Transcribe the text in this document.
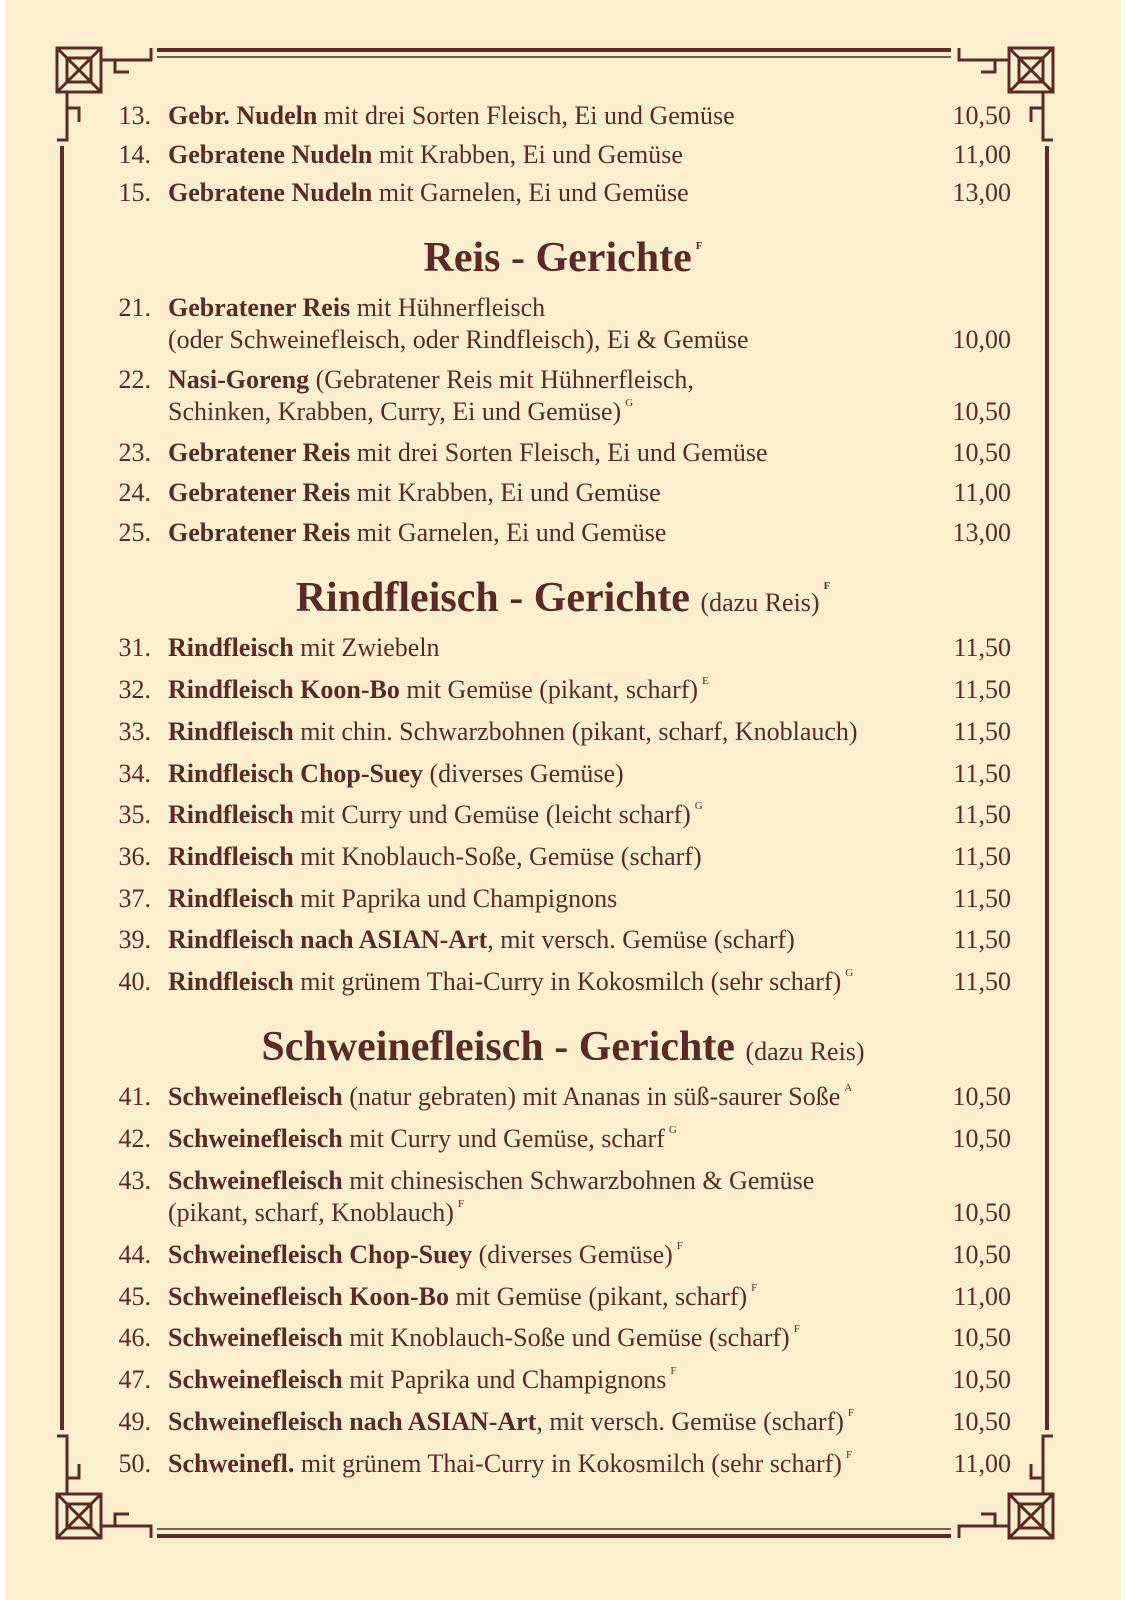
13. Gebr. Nudeln mit drei Sorten Fleisch, Ei und Gemüse	10,50
14. Gebratene Nudeln mit Krabben, Ei und Gemüse	11,00
15. Gebratene Nudeln mit Garnelen, Ei und Gemüse	13,00
Reis - Gerichte $^F$
21. Gebratener Reis mit Hühnerfleisch
(oder Schweinefleisch, oder Rindfleisch), Ei & Gemüse	10,00
22. Nasi-Goreng (Gebratener Reis mit Hühnerfleisch,
Schinken, Krabben, Curry, Ei und Gemüse) $^G$	10,50
23. Gebratener Reis mit drei Sorten Fleisch, Ei und Gemüse	10,50
24. Gebratener Reis mit Krabben, Ei und Gemüse	11,00
25. Gebratener Reis mit Garnelen, Ei und Gemüse	13,00
Rindfleisch - Gerichte (dazu Reis)$^F$
31. Rindfleisch mit Zwiebeln	11,50
32. Rindfleisch Koon-Bo mit Gemüse (pikant, scharf) $^E$	11,50
33. Rindfleisch mit chin. Schwarzbohnen (pikant, scharf, Knoblauch)	11,50
34. Rindfleisch Chop-Suey (diverses Gemüse)	11,50
35. Rindfleisch mit Curry und Gemüse (leicht scharf) $^G$	11,50
36. Rindfleisch mit Knoblauch-Soße, Gemüse (scharf)	11,50
37. Rindfleisch mit Paprika und Champignons	11,50
39. Rindfleisch nach ASIAN-Art, mit versch. Gemüse (scharf)	11,50
40. Rindfleisch mit grünem Thai-Curry in Kokosmilch (sehr scharf) $^G$	11,50
Schweinefleisch - Gerichte (dazu Reis)
41. Schweinefleisch (natur gebraten) mit Ananas in süß-saurer Soße $^A$	10,50
42. Schweinefleisch mit Curry und Gemüse, scharf $^G$	10,50
43. Schweinefleisch mit chinesischen Schwarzbohnen & Gemüse
(pikant, scharf, Knoblauch) $^F$	10,50
44. Schweinefleisch Chop-Suey (diverses Gemüse) $^F$	10,50
45. Schweinefleisch Koon-Bo mit Gemüse (pikant, scharf) $^F$	11,00
46. Schweinefleisch mit Knoblauch-Soße und Gemüse (scharf) $^F$	10,50
47. Schweinefleisch mit Paprika und Champignons $^F$	10,50
49. Schweinefleisch nach ASIAN-Art, mit versch. Gemüse (scharf) $^F$	10,50
50. Schweinefl. mit grünem Thai-Curry in Kokosmilch (sehr scharf) $^F$	11,00
